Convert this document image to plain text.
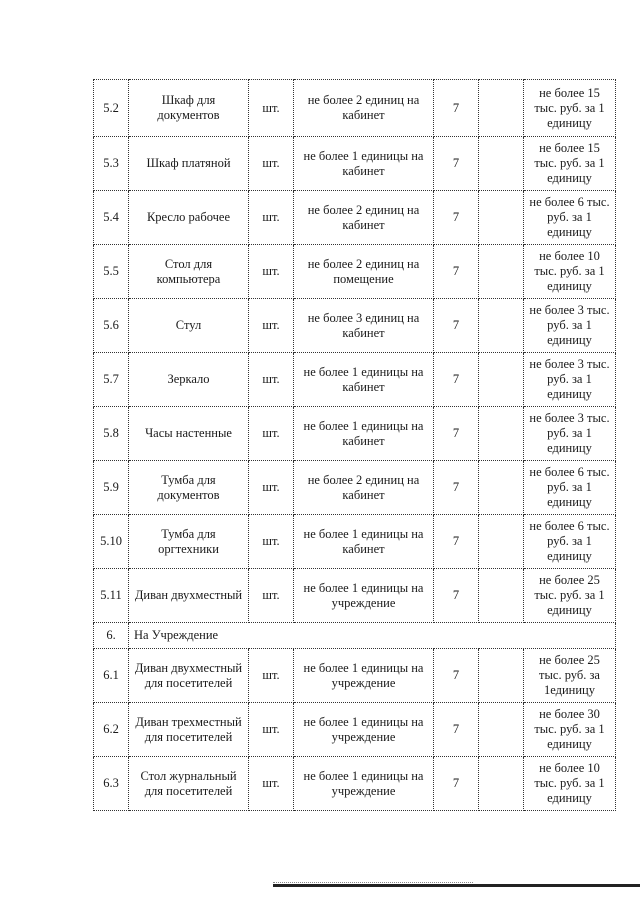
5.2	Шкаф для документов	шт.	не более 2 единиц на кабинет	7		не более 15 тыс. руб. за 1 единицу
5.3	Шкаф платяной	шт.	не более 1 единицы на кабинет	7		не более 15 тыс. руб. за 1 единицу
5.4	Кресло рабочее	шт.	не более 2 единиц на кабинет	7		не более 6 тыс. руб. за 1 единицу
5.5	Стол для компьютера	шт.	не более 2 единиц на помещение	7		не более 10 тыс. руб. за 1 единицу
5.6	Стул	шт.	не более 3 единиц на кабинет	7		не более 3 тыс. руб. за 1 единицу
5.7	Зеркало	шт.	не более 1 единицы на кабинет	7		не более 3 тыс. руб. за 1 единицу
5.8	Часы настенные	шт.	не более 1 единицы на кабинет	7		не более 3 тыс. руб. за 1 единицу
5.9	Тумба для документов	шт.	не более 2 единиц на кабинет	7		не более 6 тыс. руб. за 1 единицу
5.10	Тумба для оргтехники	шт.	не более 1 единицы на кабинет	7		не более 6 тыс. руб. за 1 единицу
5.11	Диван двухместный	шт.	не более 1 единицы на учреждение	7		не более 25 тыс. руб. за 1 единицу
6.	На Учреждение					
6.1	Диван двухместный для посетителей	шт.	не более 1 единицы на учреждение	7		не более 25 тыс. руб. за 1единицу
6.2	Диван трехместный для посетителей	шт.	не более 1 единицы на учреждение	7		не более 30 тыс. руб. за 1 единицу
6.3	Стол журнальный для посетителей	шт.	не более 1 единицы на учреждение	7		не более 10 тыс. руб. за 1 единицу
